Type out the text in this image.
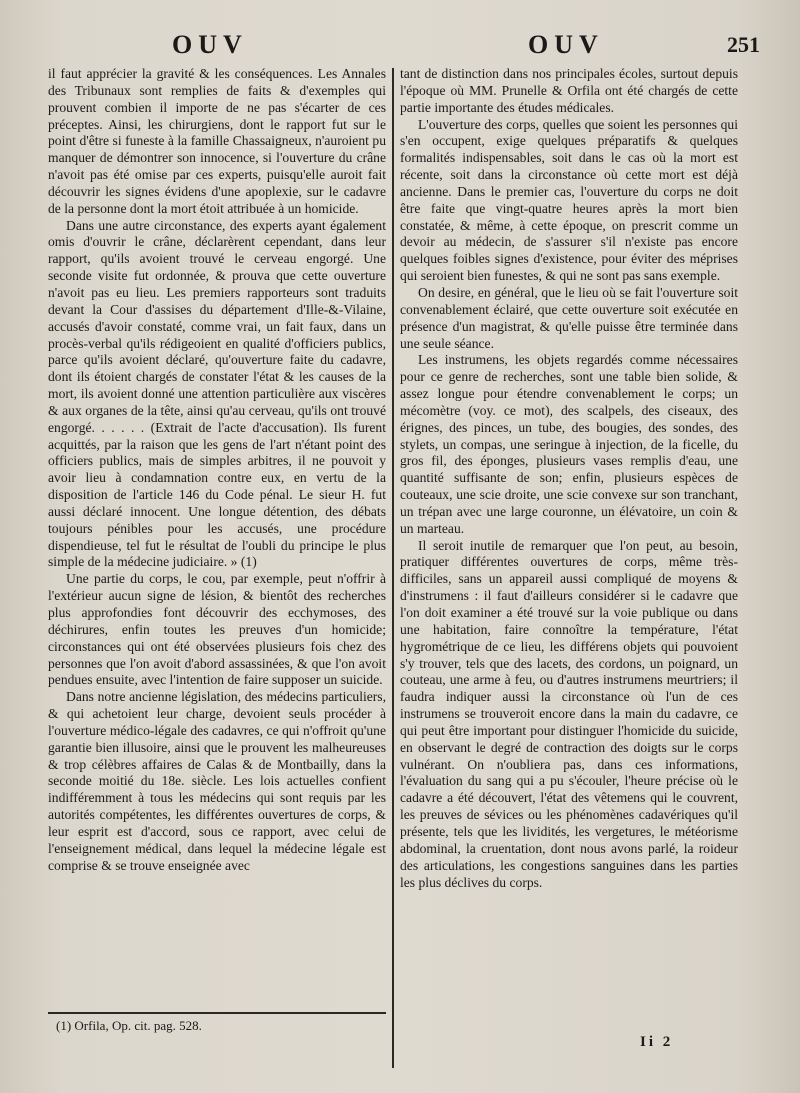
OUV	OUV	251

il faut apprécier la gravité & les conséquences. Les Annales des Tribunaux sont remplies de faits & d'exemples qui prouvent combien il importe de ne pas s'écarter de ces préceptes. Ainsi, les chirurgiens, dont le rapport fut sur le point d'être si funeste à la famille Chassaigneux, n'auroient pu manquer de démontrer son innocence, si l'ouverture du crâne n'avoit pas été omise par ces experts, puisqu'elle auroit fait découvrir les signes évidens d'une apoplexie, sur le cadavre de la personne dont la mort étoit attribuée à un homicide.

Dans une autre circonstance, des experts ayant également omis d'ouvrir le crâne, déclarèrent cependant, dans leur rapport, qu'ils avoient trouvé le cerveau engorgé. Une seconde visite fut ordonnée, & prouva que cette ouverture n'avoit pas eu lieu. Les premiers rapporteurs sont traduits devant la Cour d'assises du département d'Ille-&-Vilaine, accusés d'avoir constaté, comme vrai, un fait faux, dans un procès-verbal qu'ils rédigeoient en qualité d'officiers publics, parce qu'ils avoient déclaré, qu'ouverture faite du cadavre, dont ils étoient chargés de constater l'état & les causes de la mort, ils avoient donné une attention particulière aux viscères & aux organes de la tête, ainsi qu'au cerveau, qu'ils ont trouvé engorgé. . . . . . (Extrait de l'acte d'accusation). Ils furent acquittés, par la raison que les gens de l'art n'étant point des officiers publics, mais de simples arbitres, il ne pouvoit y avoir lieu à condamnation contre eux, en vertu de la disposition de l'article 146 du Code pénal. Le sieur H. fut aussi déclaré innocent. Une longue détention, des débats toujours pénibles pour les accusés, une procédure dispendieuse, tel fut le résultat de l'oubli du principe le plus simple de la médecine judiciaire. » (1)

Une partie du corps, le cou, par exemple, peut n'offrir à l'extérieur aucun signe de lésion, & bientôt des recherches plus approfondies font découvrir des ecchymoses, des déchirures, enfin toutes les preuves d'un homicide; circonstances qui ont été observées plusieurs fois chez des personnes que l'on avoit d'abord assassinées, & que l'on avoit pendues ensuite, avec l'intention de faire supposer un suicide.

Dans notre ancienne législation, des médecins particuliers, & qui achetoient leur charge, devoient seuls procéder à l'ouverture médico-légale des cadavres, ce qui n'offroit qu'une garantie bien illusoire, ainsi que le prouvent les malheureuses & trop célèbres affaires de Calas & de Montbailly, dans la seconde moitié du 18e. siècle. Les lois actuelles confient indifféremment à tous les médecins qui sont requis par les autorités compétentes, les différentes ouvertures de corps, & leur esprit est d'accord, sous ce rapport, avec celui de l'enseignement médical, dans lequel la médecine légale est comprise & se trouve enseignée avec

tant de distinction dans nos principales écoles, surtout depuis l'époque où MM. Prunelle & Orfila ont été chargés de cette partie importante des études médicales.

L'ouverture des corps, quelles que soient les personnes qui s'en occupent, exige quelques préparatifs & quelques formalités indispensables, soit dans le cas où la mort est récente, soit dans la circonstance où cette mort est déjà ancienne. Dans le premier cas, l'ouverture du corps ne doit être faite que vingt-quatre heures après la mort bien constatée, & même, à cette époque, on prescrit comme un devoir au médecin, de s'assurer s'il n'existe pas encore quelques foibles signes d'existence, pour éviter des méprises qui seroient bien funestes, & qui ne sont pas sans exemple.

On desire, en général, que le lieu où se fait l'ouverture soit convenablement éclairé, que cette ouverture soit exécutée en présence d'un magistrat, & qu'elle puisse être terminée dans une seule séance.

Les instrumens, les objets regardés comme nécessaires pour ce genre de recherches, sont une table bien solide, & assez longue pour étendre convenablement le corps; un mécomètre (voy. ce mot), des scalpels, des ciseaux, des érignes, des pinces, un tube, des bougies, des sondes, des stylets, un compas, une seringue à injection, de la ficelle, du gros fil, des éponges, plusieurs vases remplis d'eau, une quantité suffisante de son; enfin, plusieurs espèces de couteaux, une scie droite, une scie convexe sur son tranchant, un trépan avec une large couronne, un élévatoire, un coin & un marteau.

Il seroit inutile de remarquer que l'on peut, au besoin, pratiquer différentes ouvertures de corps, même très-difficiles, sans un appareil aussi compliqué de moyens & d'instrumens : il faut d'ailleurs considérer si le cadavre que l'on doit examiner a été trouvé sur la voie publique ou dans une habitation, faire connoître la température, l'état hygrométrique de ce lieu, les différens objets qui pouvoient s'y trouver, tels que des lacets, des cordons, un poignard, un couteau, une arme à feu, ou d'autres instrumens meurtriers; il faudra indiquer aussi la circonstance où l'un de ces instrumens se trouveroit encore dans la main du cadavre, ce qui peut être important pour distinguer l'homicide du suicide, en observant le degré de contraction des doigts sur le corps vulnérant. On n'oubliera pas, dans ces informations, l'évaluation du sang qui a pu s'écouler, l'heure précise où le cadavre a été découvert, l'état des vêtemens qui le couvrent, les preuves de sévices ou les phénomènes cadavériques qu'il présente, tels que les lividités, les vergetures, le météorisme abdominal, la cruentation, dont nous avons parlé, la roideur des articulations, les congestions sanguines dans les parties les plus déclives du corps.

(1) Orfila, Op. cit. pag. 528.
Ii 2
